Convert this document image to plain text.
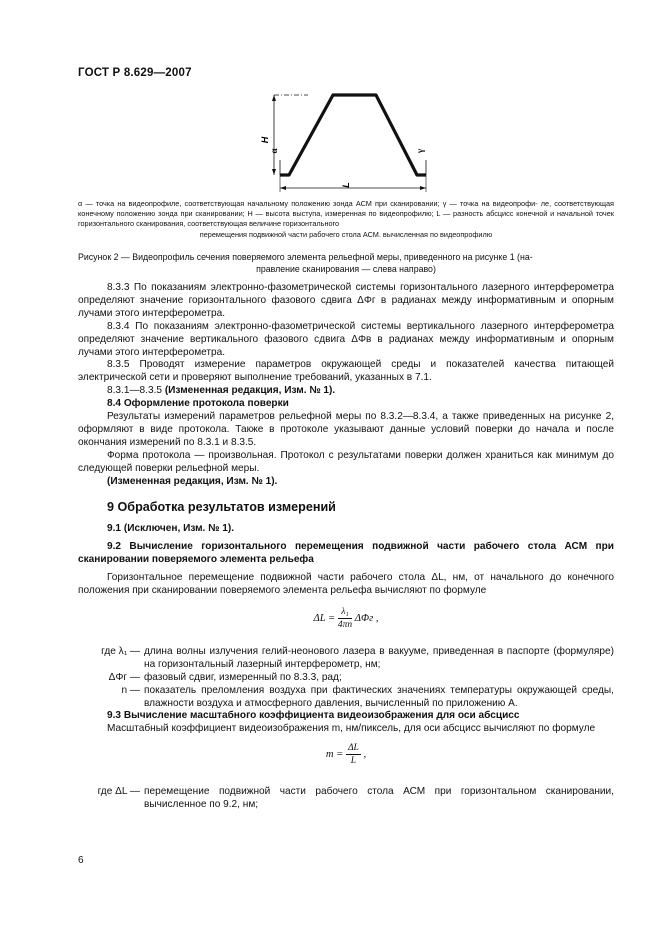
ГОСТ Р 8.629—2007
H
α	γ
L
α — точка на видеопрофиле, соответствующая начальному положению зонда АСМ при сканировании; γ — точка на видеопрофи- ле, соответствующая конечному положению зонда при сканировании; H — высота выступа, измеренная по видеопрофилю; L — разность абсцисс конечной и начальной точек горизонтального сканирования, соответствующая величине горизонтального
перемещения подвижной части рабочего стола АСМ. вычисленная по видеопрофилю
Рисунок 2 — Видеопрофиль сечения поверяемого элемента рельефной меры, приведенного на рисунке 1 (на-
правление сканирования — слева направо)

8.3.3 По показаниям электронно-фазометрической системы горизонтального лазерного интерферометра определяют значение горизонтального фазового сдвига ΔΦг в радианах между информативным и опорным лучами этого интерферометра.

8.3.4 По показаниям электронно-фазометрической системы вертикального лазерного интерферометра определяют значение вертикального фазового сдвига ΔΦв в радианах между информативным и опорным лучами этого интерферометра.

8.3.5 Проводят измерение параметров окружающей среды и показателей качества питающей электрической сети и проверяют выполнение требований, указанных в 7.1.

8.3.1—8.3.5 (Измененная редакция, Изм. № 1).

8.4 Оформление протокола поверки

Результаты измерений параметров рельефной меры по 8.3.2—8.3.4, а также приведенных на рисунке 2, оформляют в виде протокола. Также в протоколе указывают данные условий поверки до начала и после окончания измерений по 8.3.1 и 8.3.5.

Форма протокола — произвольная. Протокол с результатами поверки должен храниться как минимум до следующей поверки рельефной меры.

(Измененная редакция, Изм. № 1).

9 Обработка результатов измерений

9.1 (Исключен, Изм. № 1).

9.2 Вычисление горизонтального перемещения подвижной части рабочего стола АСМ при сканировании поверяемого элемента рельефа

Горизонтальное перемещение подвижной части рабочего стола ΔL, нм, от начального до конечного положения при сканировании поверяемого элемента рельефа вычисляют по формуле

$\Delta L = \frac{\text{λ₁}}{4\pi n}$ ΔΦг ,
где λ₁ — длина волны излучения гелий-неонового лазера в вакууме, приведенная в паспорте (формуляре) на горизонтальный лазерный интерферометр, нм;
ΔΦг — фазовый сдвиг, измеренный по 8.3.3, рад;
n — показатель преломления воздуха при фактических значениях температуры окружающей среды, влажности воздуха и атмосферного давления, вычисленный по приложению А.

9.3 Вычисление масштабного коэффициента видеоизображения для оси абсцисс

Масштабный коэффициент видеоизображения m, нм/пиксель, для оси абсцисс вычисляют по формуле

$m = \frac{\Delta L}{L}$ ,
где ΔL — перемещение подвижной части рабочего стола АСМ при горизонтальном сканировании, вычисленное по 9.2, нм;
6
